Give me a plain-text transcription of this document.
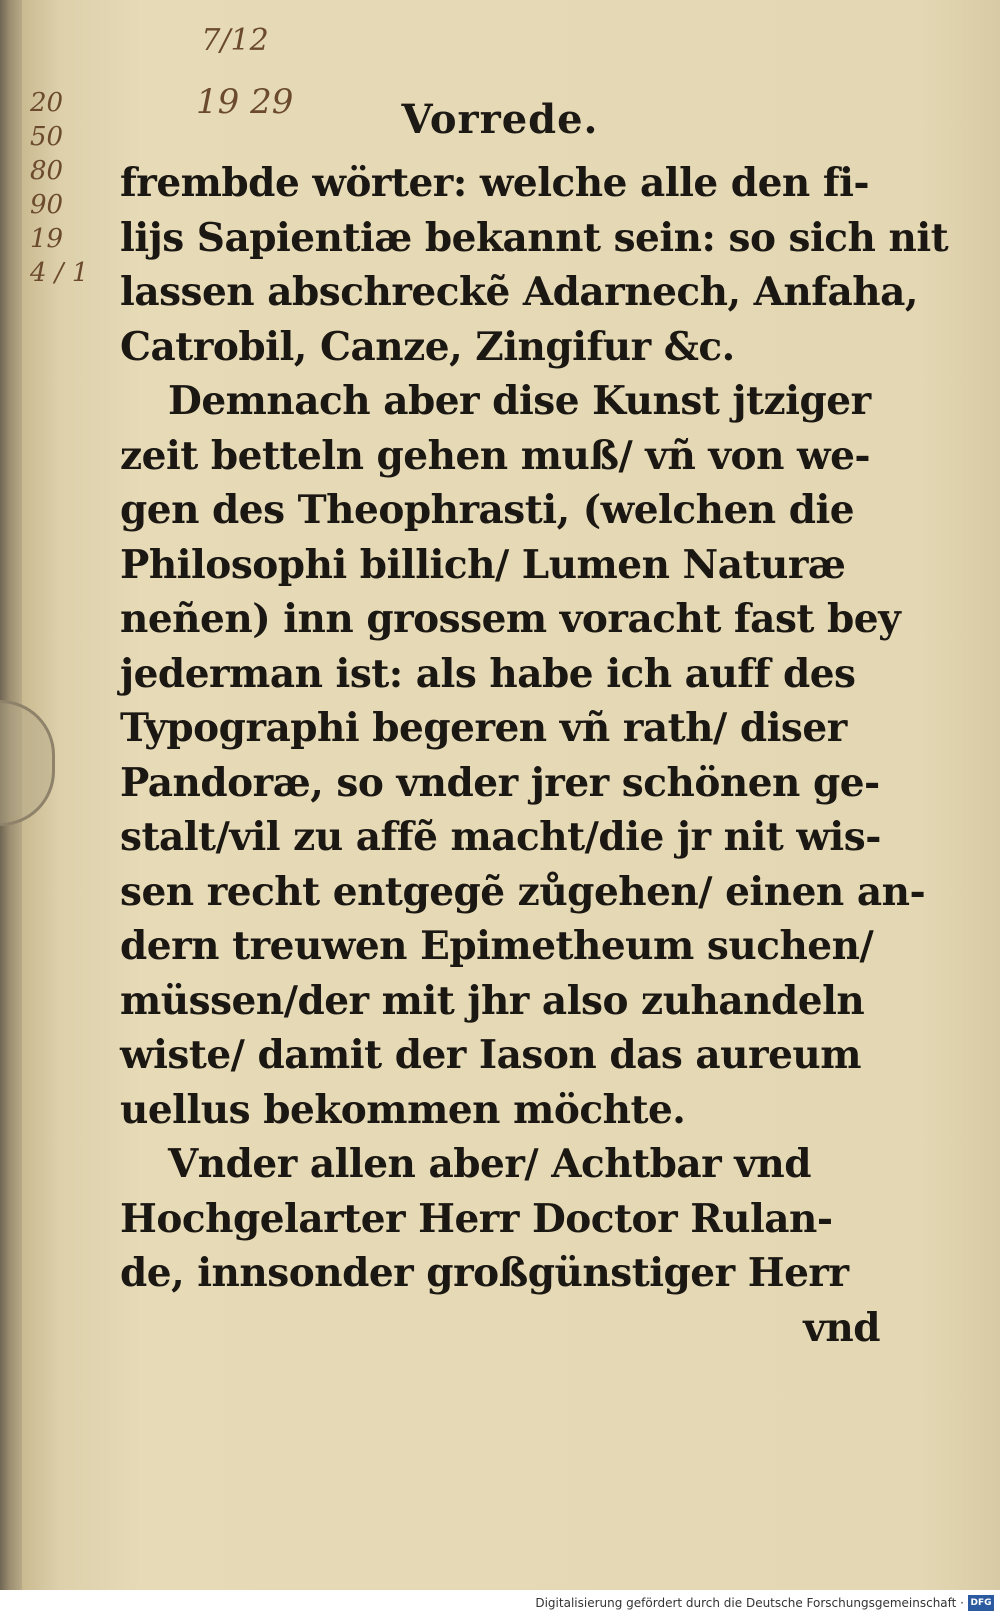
7/12
19 29
20
50
80
90
19
4 / 1
Vorrede.
frembde wörter: welche alle den fi-
lijs Sapientiæ bekannt sein: so sich nit
lassen abschreckẽ Adarnech, Anfaha,
Catrobil, Canze, Zingifur &c.
Demnach aber dise Kunst jtziger
zeit betteln gehen muß/ vñ von we-
gen des Theophrasti, (welchen die
Philosophi billich/ Lumen Naturæ
neñen) inn grossem voracht fast bey
jederman ist: als habe ich auff des
Typographi begeren vñ rath/ diser
Pandoræ, so vnder jrer schönen ge-
stalt/vil zu affẽ macht/die jr nit wis-
sen recht entgegẽ zůgehen/ einen an-
dern treuwen Epimetheum suchen/
müssen/der mit jhr also zuhandeln
wiste/ damit der Iason das aureum
uellus bekommen möchte.
Vnder allen aber/ Achtbar vnd
Hochgelarter Herr Doctor Rulan-
de, innsonder großgünstiger Herr
vnd
Digitalisierung gefördert durch die Deutsche Forschungsgemeinschaft · DFG
